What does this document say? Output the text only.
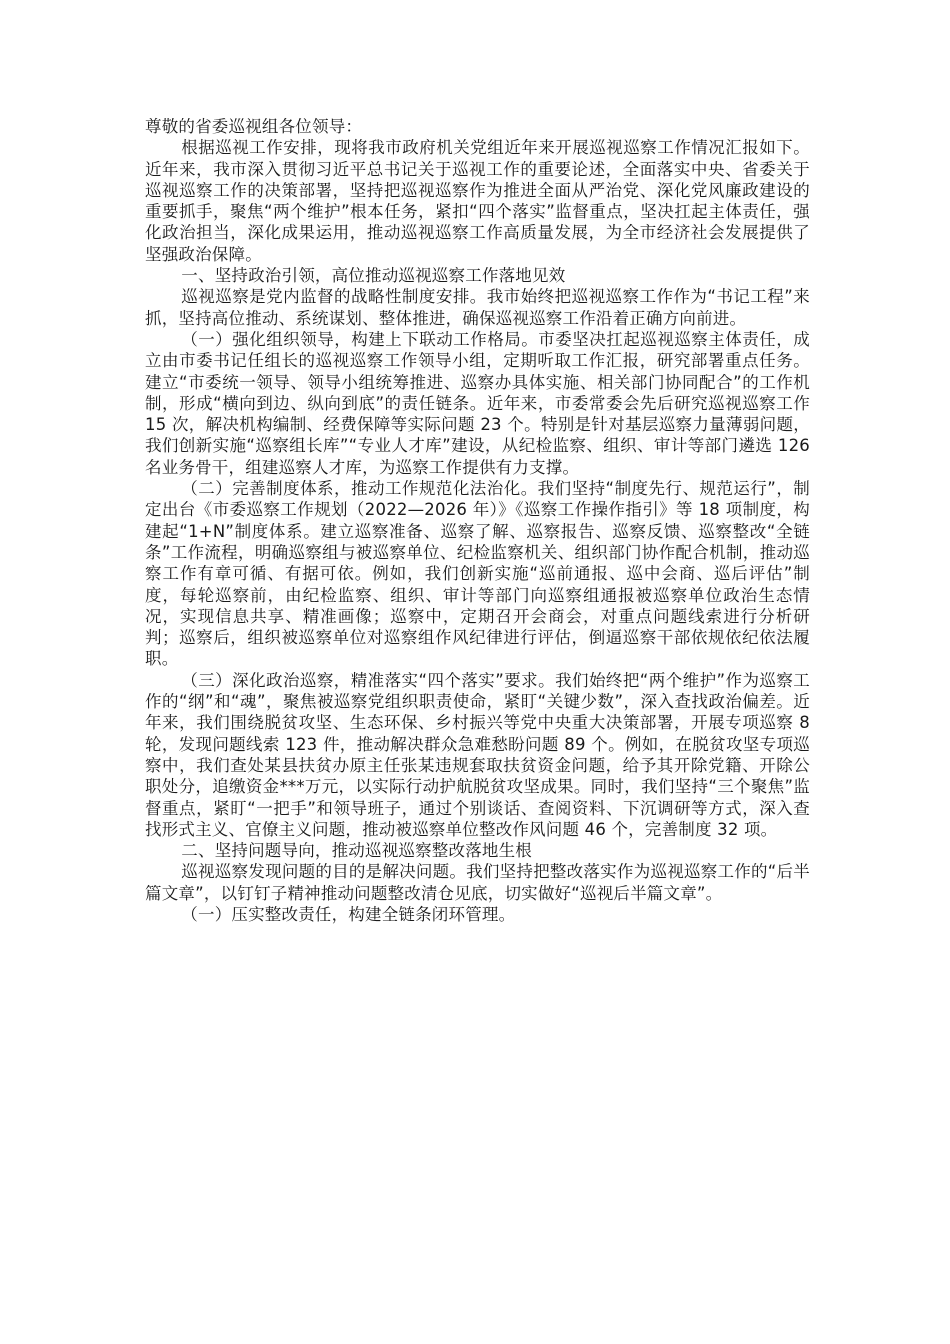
尊敬的省委巡视组各位领导：

根据巡视工作安排，现将我市政府机关党组近年来开展巡视巡察工作情况汇报如下。近年来，我市深入贯彻习近平总书记关于巡视工作的重要论述，全面落实中央、省委关于巡视巡察工作的决策部署，坚持把巡视巡察作为推进全面从严治党、深化党风廉政建设的重要抓手，聚焦“两个维护”根本任务，紧扣“四个落实”监督重点，坚决扛起主体责任，强化政治担当，深化成果运用，推动巡视巡察工作高质量发展，为全市经济社会发展提供了坚强政治保障。

一、坚持政治引领，高位推动巡视巡察工作落地见效

巡视巡察是党内监督的战略性制度安排。我市始终把巡视巡察工作作为“书记工程”来抓，坚持高位推动、系统谋划、整体推进，确保巡视巡察工作沿着正确方向前进。

（一）强化组织领导，构建上下联动工作格局。市委坚决扛起巡视巡察主体责任，成立由市委书记任组长的巡视巡察工作领导小组，定期听取工作汇报，研究部署重点任务。建立“市委统一领导、领导小组统筹推进、巡察办具体实施、相关部门协同配合”的工作机制，形成“横向到边、纵向到底”的责任链条。近年来，市委常委会先后研究巡视巡察工作 15 次，解决机构编制、经费保障等实际问题 23 个。特别是针对基层巡察力量薄弱问题，我们创新实施“巡察组长库”“专业人才库”建设，从纪检监察、组织、审计等部门遴选 126 名业务骨干，组建巡察人才库，为巡察工作提供有力支撑。

（二）完善制度体系，推动工作规范化法治化。我们坚持“制度先行、规范运行”，制定出台《市委巡察工作规划（2022—2026 年）》《巡察工作操作指引》等 18 项制度，构建起“1+N”制度体系。建立巡察准备、巡察了解、巡察报告、巡察反馈、巡察整改“全链条”工作流程，明确巡察组与被巡察单位、纪检监察机关、组织部门协作配合机制，推动巡察工作有章可循、有据可依。例如，我们创新实施“巡前通报、巡中会商、巡后评估”制度，每轮巡察前，由纪检监察、组织、审计等部门向巡察组通报被巡察单位政治生态情况，实现信息共享、精准画像；巡察中，定期召开会商会，对重点问题线索进行分析研判；巡察后，组织被巡察单位对巡察组作风纪律进行评估，倒逼巡察干部依规依纪依法履职。

（三）深化政治巡察，精准落实“四个落实”要求。我们始终把“两个维护”作为巡察工作的“纲”和“魂”，聚焦被巡察党组织职责使命，紧盯“关键少数”，深入查找政治偏差。近年来，我们围绕脱贫攻坚、生态环保、乡村振兴等党中央重大决策部署，开展专项巡察 8 轮，发现问题线索 123 件，推动解决群众急难愁盼问题 89 个。例如，在脱贫攻坚专项巡察中，我们查处某县扶贫办原主任张某违规套取扶贫资金问题，给予其开除党籍、开除公职处分，追缴资金***万元，以实际行动护航脱贫攻坚成果。同时，我们坚持“三个聚焦”监督重点，紧盯“一把手”和领导班子，通过个别谈话、查阅资料、下沉调研等方式，深入查找形式主义、官僚主义问题，推动被巡察单位整改作风问题 46 个，完善制度 32 项。

二、坚持问题导向，推动巡视巡察整改落地生根

巡视巡察发现问题的目的是解决问题。我们坚持把整改落实作为巡视巡察工作的“后半篇文章”，以钉钉子精神推动问题整改清仓见底，切实做好“巡视后半篇文章”。

（一）压实整改责任，构建全链条闭环管理。
